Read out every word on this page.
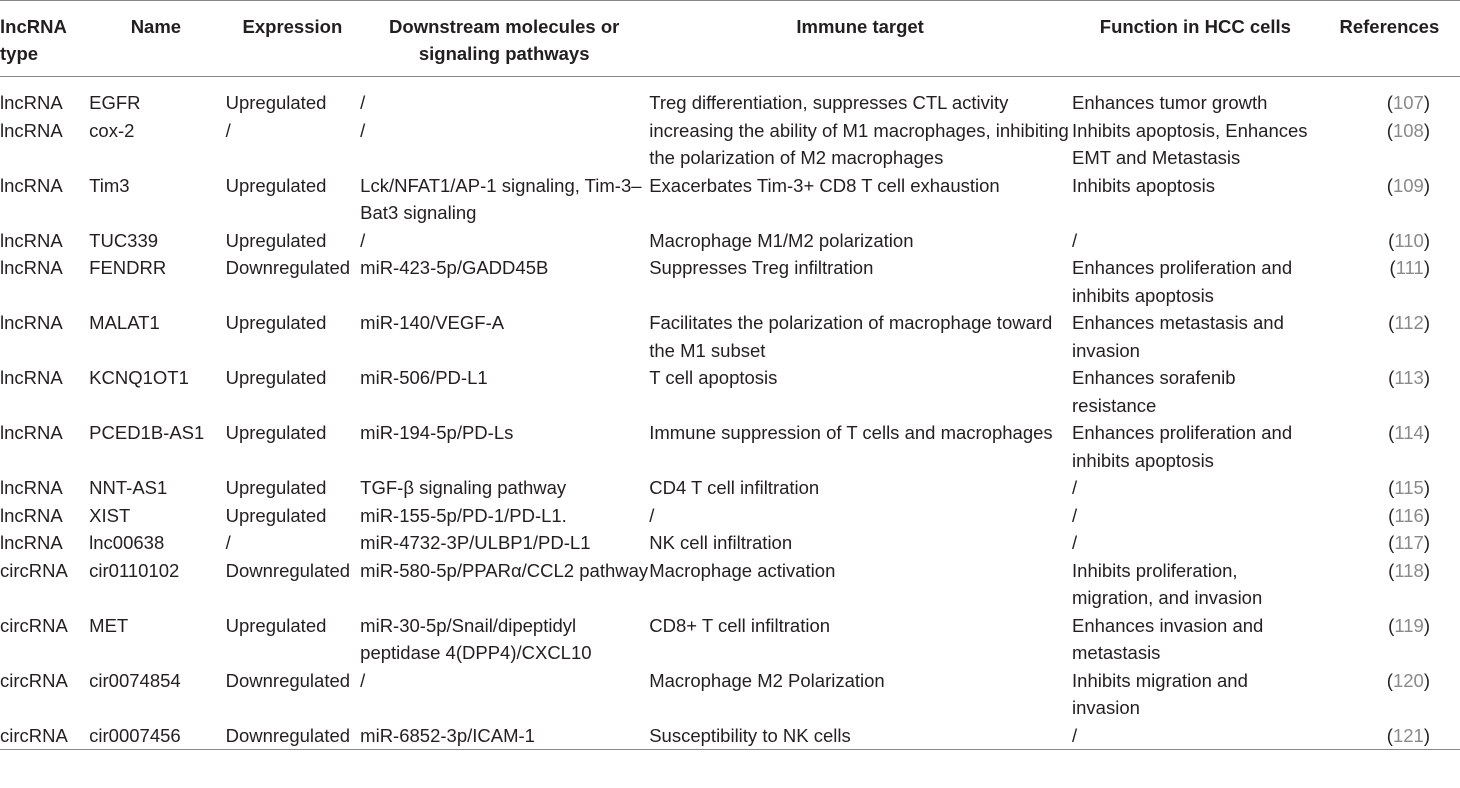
lncRNA type	Name	Expression	Downstream molecules or signaling pathways	Immune target	Function in HCC cells	References
lncRNA	EGFR	Upregulated	/	Treg differentiation, suppresses CTL activity	Enhances tumor growth	(107)
lncRNA	cox-2	/	/	increasing the ability of M1 macrophages, inhibiting the polarization of M2 macrophages	Inhibits apoptosis, Enhances EMT and Metastasis	(108)
lncRNA	Tim3	Upregulated	Lck/NFAT1/AP-1 signaling, Tim-3–Bat3 signaling	Exacerbates Tim-3+ CD8 T cell exhaustion	Inhibits apoptosis	(109)
lncRNA	TUC339	Upregulated	/	Macrophage M1/M2 polarization	/	(110)
lncRNA	FENDRR	Downregulated	miR-423-5p/GADD45B	Suppresses Treg infiltration	Enhances proliferation and inhibits apoptosis	(111)
lncRNA	MALAT1	Upregulated	miR-140/VEGF-A	Facilitates the polarization of macrophage toward the M1 subset	Enhances metastasis and invasion	(112)
lncRNA	KCNQ1OT1	Upregulated	miR-506/PD-L1	T cell apoptosis	Enhances sorafenib resistance	(113)
lncRNA	PCED1B-AS1	Upregulated	miR-194-5p/PD-Ls	Immune suppression of T cells and macrophages	Enhances proliferation and inhibits apoptosis	(114)
lncRNA	NNT-AS1	Upregulated	TGF-β signaling pathway	CD4 T cell infiltration	/	(115)
lncRNA	XIST	Upregulated	miR-155-5p/PD-1/PD-L1.	/	/	(116)
lncRNA	lnc00638	/	miR-4732-3P/ULBP1/PD-L1	NK cell infiltration	/	(117)
circRNA	cir0110102	Downregulated	miR-580-5p/PPARα/CCL2 pathway	Macrophage activation	Inhibits proliferation, migration, and invasion	(118)
circRNA	MET	Upregulated	miR-30-5p/Snail/dipeptidyl peptidase 4(DPP4)/CXCL10	CD8+ T cell infiltration	Enhances invasion and metastasis	(119)
circRNA	cir0074854	Downregulated	/	Macrophage M2 Polarization	Inhibits migration and invasion	(120)
circRNA	cir0007456	Downregulated	miR-6852-3p/ICAM-1	Susceptibility to NK cells	/	(121)
